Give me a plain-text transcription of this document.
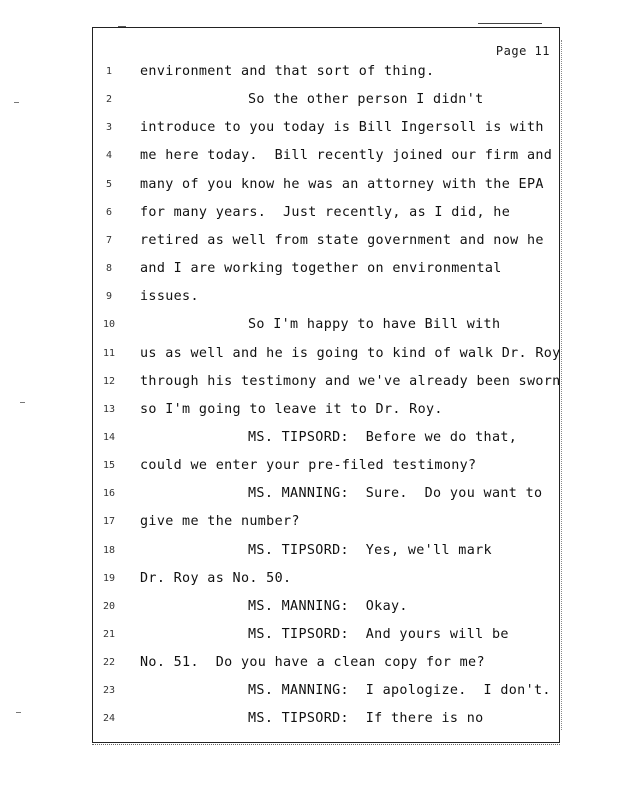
Page 11
1	environment and that sort of thing.
2	So the other person I didn't
3	introduce to you today is Bill Ingersoll is with
4	me here today.  Bill recently joined our firm and
5	many of you know he was an attorney with the EPA
6	for many years.  Just recently, as I did, he
7	retired as well from state government and now he
8	and I are working together on environmental
9	issues.
10	So I'm happy to have Bill with
11	us as well and he is going to kind of walk Dr. Roy
12	through his testimony and we've already been sworn
13	so I'm going to leave it to Dr. Roy.
14	MS. TIPSORD:  Before we do that,
15	could we enter your pre-filed testimony?
16	MS. MANNING:  Sure.  Do you want to
17	give me the number?
18	MS. TIPSORD:  Yes, we'll mark
19	Dr. Roy as No. 50.
20	MS. MANNING:  Okay.
21	MS. TIPSORD:  And yours will be
22	No. 51.  Do you have a clean copy for me?
23	MS. MANNING:  I apologize.  I don't.
24	MS. TIPSORD:  If there is no
